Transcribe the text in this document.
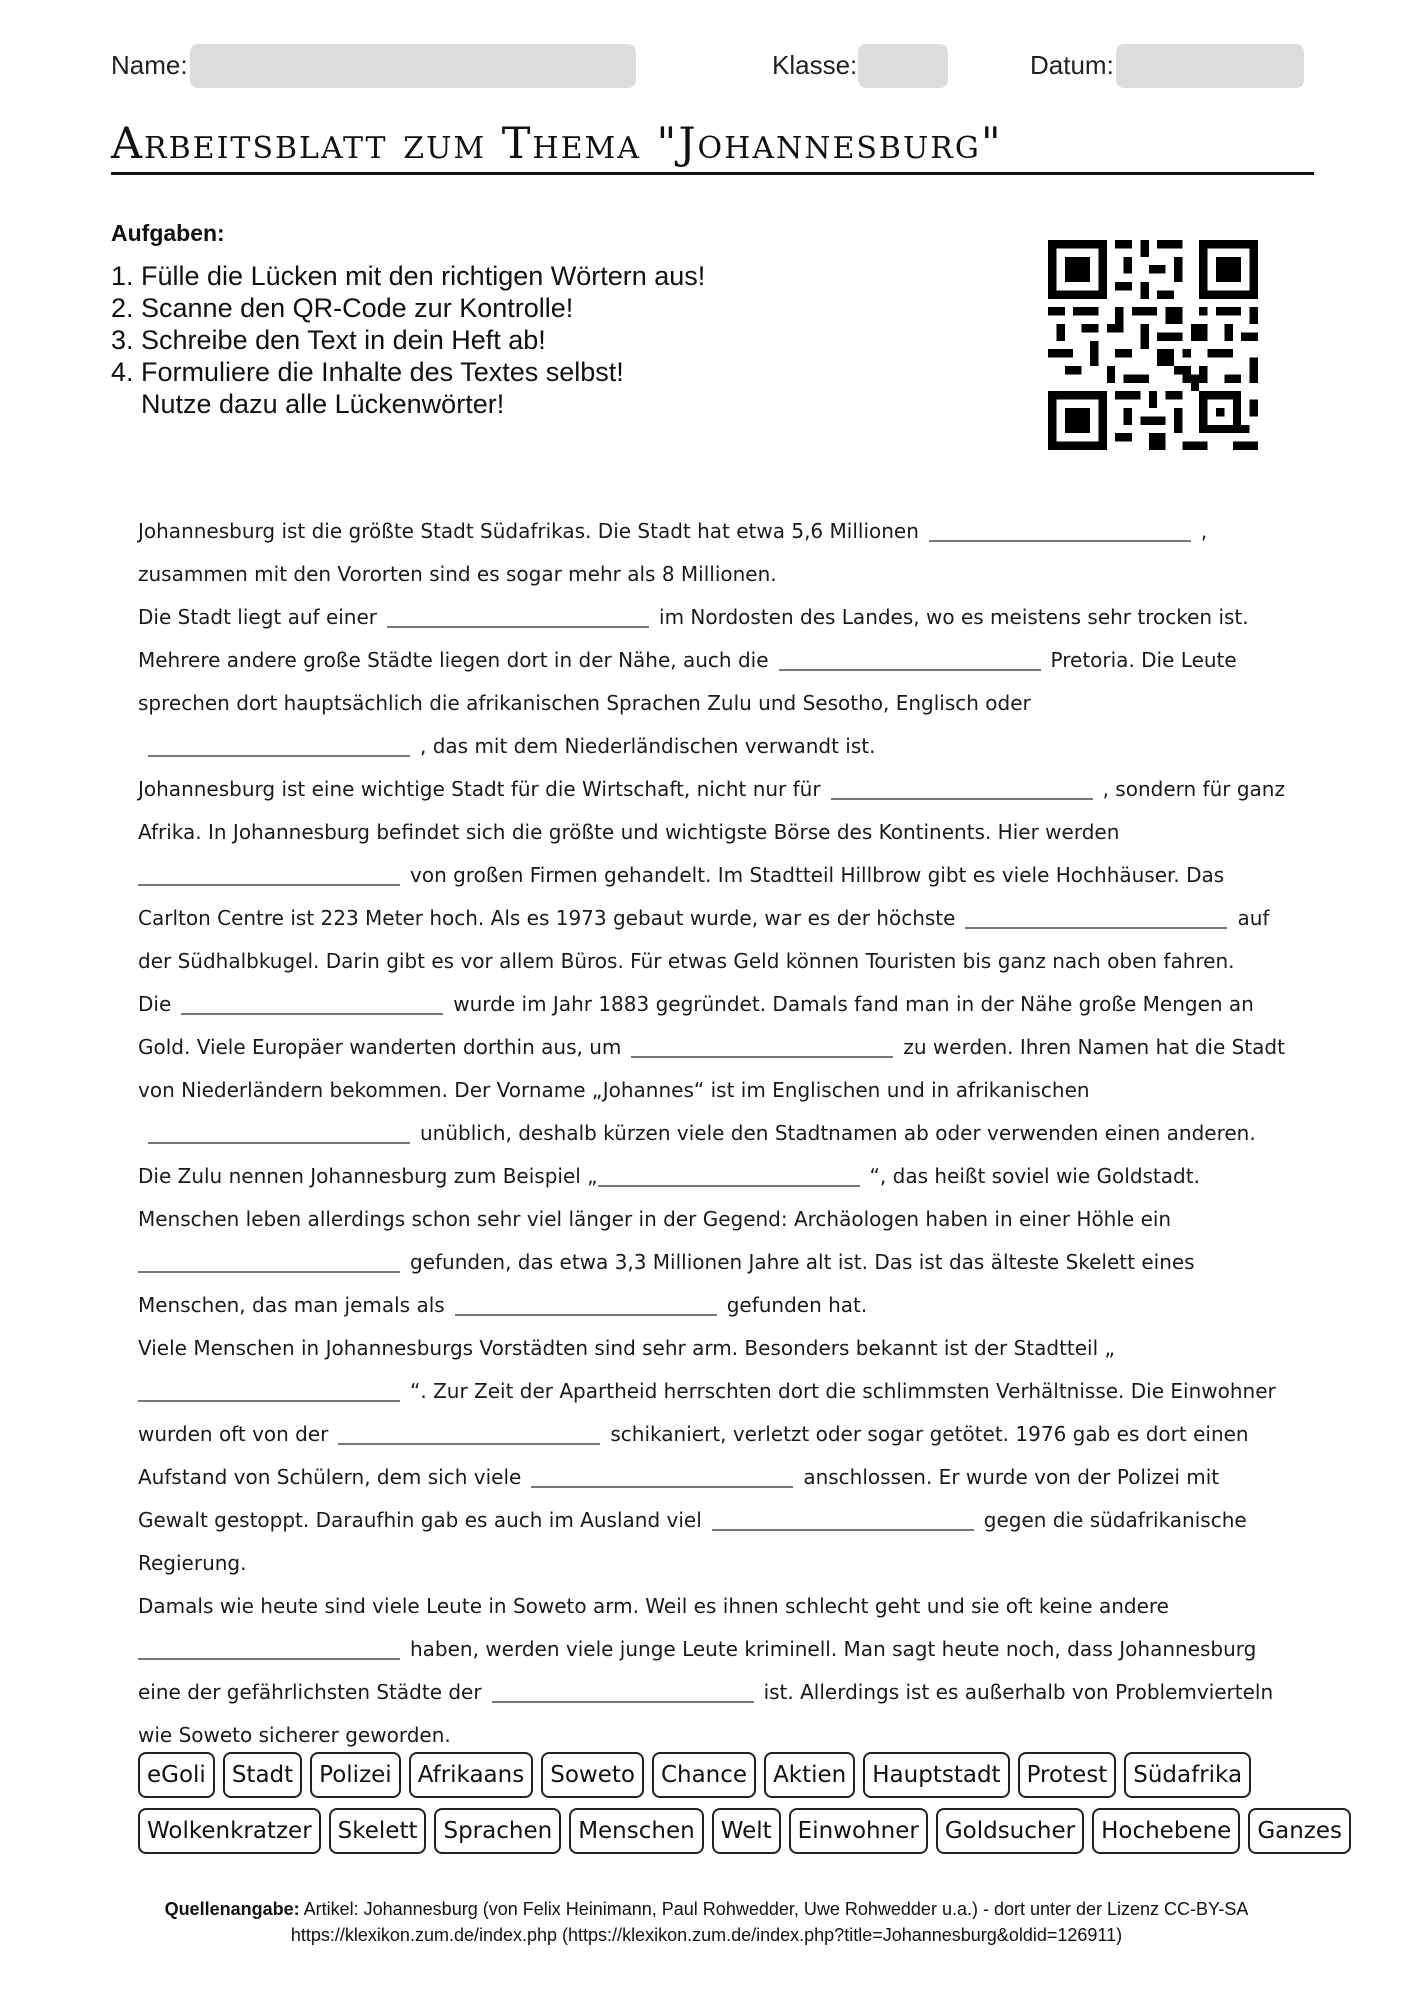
Name:	Klasse:	Datum:
Arbeitsblatt zum Thema "Johannesburg"
Aufgaben:
1. Fülle die Lücken mit den richtigen Wörtern aus!
2. Scanne den QR-Code zur Kontrolle!
3. Schreibe den Text in dein Heft ab!
4. Formuliere die Inhalte des Textes selbst!
Nutze dazu alle Lückenwörter!

Johannesburg ist die größte Stadt Südafrikas. Die Stadt hat etwa 5,6 Millionen	, zusammen mit den Vororten sind es sogar mehr als 8 Millionen.

Die Stadt liegt auf einer	im Nordosten des Landes, wo es meistens sehr trocken ist.

Mehrere andere große Städte liegen dort in der Nähe, auch die	Pretoria. Die Leute sprechen dort hauptsächlich die afrikanischen Sprachen Zulu und Sesotho, Englisch oder, das mit dem Niederländischen verwandt ist.

Johannesburg ist eine wichtige Stadt für die Wirtschaft, nicht nur für	, sondern für ganz Afrika. In Johannesburg befindet sich die größte und wichtigste Börse des Kontinents. Hier werden
von großen Firmen gehandelt. Im Stadtteil Hillbrow gibt es viele Hochhäuser. Das Carlton Centre ist 223 Meter hoch. Als es 1973 gebaut wurde, war es der höchste	auf der Südhalbkugel. Darin gibt es vor allem Büros. Für etwas Geld können Touristen bis ganz nach oben fahren.

Die	wurde im Jahr 1883 gegründet. Damals fand man in der Nähe große Mengen an Gold. Viele Europäer wanderten dorthin aus, um	zu werden. Ihren Namen hat die Stadt von Niederländern bekommen. Der Vorname „Johannes“ ist im Englischen und in afrikanischenunüblich, deshalb kürzen viele den Stadtnamen ab oder verwenden einen anderen. Die Zulu nennen Johannesburg zum Beispiel „	“, das heißt soviel wie Goldstadt.

Menschen leben allerdings schon sehr viel länger in der Gegend: Archäologen haben in einer Höhle ein
gefunden, das etwa 3,3 Millionen Jahre alt ist. Das ist das älteste Skelett eines Menschen, das man jemals als	gefunden hat.

Viele Menschen in Johannesburgs Vorstädten sind sehr arm. Besonders bekannt ist der Stadtteil „
“. Zur Zeit der Apartheid herrschten dort die schlimmsten Verhältnisse. Die Einwohner wurden oft von der	schikaniert, verletzt oder sogar getötet. 1976 gab es dort einen Aufstand von Schülern, dem sich viele	anschlossen. Er wurde von der Polizei mit Gewalt gestoppt. Daraufhin gab es auch im Ausland viel	gegen die südafrikanische Regierung.

Damals wie heute sind viele Leute in Soweto arm. Weil es ihnen schlecht geht und sie oft keine andere
haben, werden viele junge Leute kriminell. Man sagt heute noch, dass Johannesburg eine der gefährlichsten Städte der	ist. Allerdings ist es außerhalb von Problemvierteln wie Soweto sicherer geworden.

eGoli	Stadt	Polizei	Afrikaans	Soweto	Chance	Aktien	Hauptstadt	Protest	Südafrika
Wolkenkratzer	Skelett	Sprachen	Menschen	Welt	Einwohner	Goldsucher	Hochebene	Ganzes
Quellenangabe: Artikel: Johannesburg (von Felix Heinimann, Paul Rohwedder, Uwe Rohwedder u.a.) - dort unter der Lizenz CC-BY-SA
https://klexikon.zum.de/index.php (https://klexikon.zum.de/index.php?title=Johannesburg&oldid=126911)
